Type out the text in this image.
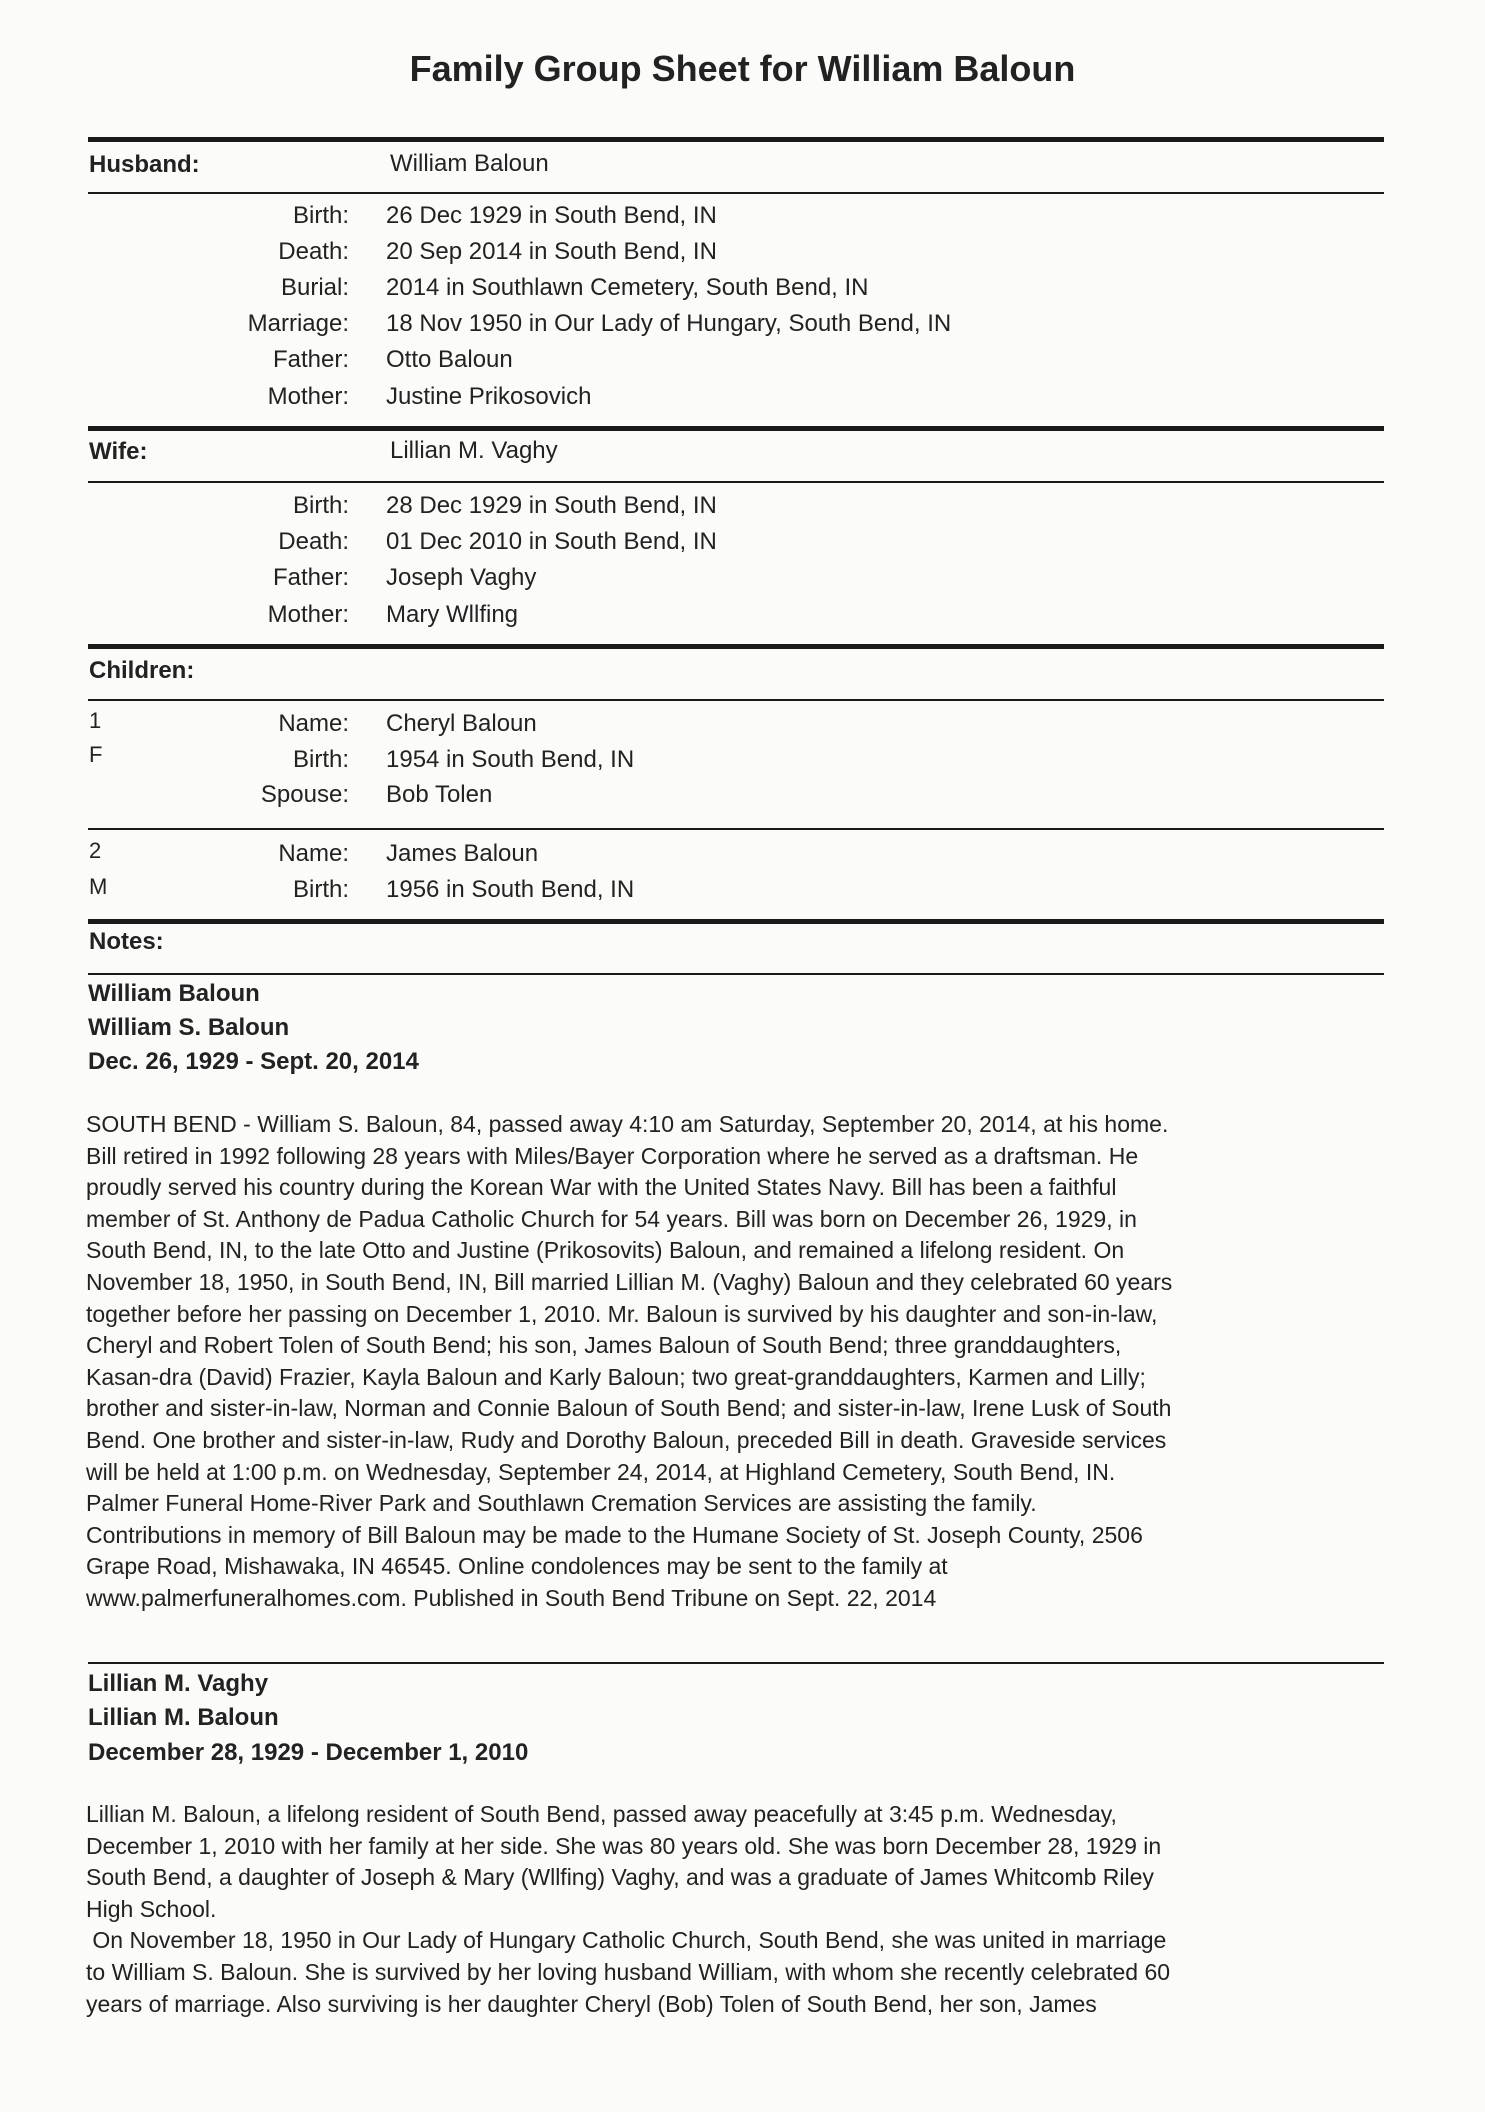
Family Group Sheet for William Baloun
Husband:	William Baloun
Birth: 26 Dec 1929 in South Bend, IN
Death: 20 Sep 2014 in South Bend, IN
Burial: 2014 in Southlawn Cemetery, South Bend, IN
Marriage: 18 Nov 1950 in Our Lady of Hungary, South Bend, IN
Father: Otto Baloun
Mother: Justine Prikosovich
Wife:	Lillian M. Vaghy
Birth: 28 Dec 1929 in South Bend, IN
Death: 01 Dec 2010 in South Bend, IN
Father: Joseph Vaghy
Mother: Mary Wllfing
Children:
1
F
Name: Cheryl Baloun
Birth: 1954 in South Bend, IN
Spouse: Bob Tolen
2
M
Name: James Baloun
Birth: 1956 in South Bend, IN
Notes:
William Baloun
William S. Baloun
Dec. 26, 1929 - Sept. 20, 2014

SOUTH BEND - William S. Baloun, 84, passed away 4:10 am Saturday, September 20, 2014, at his home.

Bill retired in 1992 following 28 years with Miles/Bayer Corporation where he served as a draftsman. He

proudly served his country during the Korean War with the United States Navy. Bill has been a faithful

member of St. Anthony de Padua Catholic Church for 54 years. Bill was born on December 26, 1929, in

South Bend, IN, to the late Otto and Justine (Prikosovits) Baloun, and remained a lifelong resident. On

November 18, 1950, in South Bend, IN, Bill married Lillian M. (Vaghy) Baloun and they celebrated 60 years

together before her passing on December 1, 2010. Mr. Baloun is survived by his daughter and son-in-law,

Cheryl and Robert Tolen of South Bend; his son, James Baloun of South Bend; three granddaughters,

Kasan-dra (David) Frazier, Kayla Baloun and Karly Baloun; two great-granddaughters, Karmen and Lilly;

brother and sister-in-law, Norman and Connie Baloun of South Bend; and sister-in-law, Irene Lusk of South

Bend. One brother and sister-in-law, Rudy and Dorothy Baloun, preceded Bill in death. Graveside services

will be held at 1:00 p.m. on Wednesday, September 24, 2014, at Highland Cemetery, South Bend, IN.

Palmer Funeral Home-River Park and Southlawn Cremation Services are assisting the family.

Contributions in memory of Bill Baloun may be made to the Humane Society of St. Joseph County, 2506

Grape Road, Mishawaka, IN 46545. Online condolences may be sent to the family at

www.palmerfuneralhomes.com. Published in South Bend Tribune on Sept. 22, 2014

Lillian M. Vaghy
Lillian M. Baloun
December 28, 1929 - December 1, 2010

Lillian M. Baloun, a lifelong resident of South Bend, passed away peacefully at 3:45 p.m. Wednesday,

December 1, 2010 with her family at her side. She was 80 years old. She was born December 28, 1929 in

South Bend, a daughter of Joseph & Mary (Wllfing) Vaghy, and was a graduate of James Whitcomb Riley

High School.

On November 18, 1950 in Our Lady of Hungary Catholic Church, South Bend, she was united in marriage

to William S. Baloun. She is survived by her loving husband William, with whom she recently celebrated 60

years of marriage. Also surviving is her daughter Cheryl (Bob) Tolen of South Bend, her son, James
